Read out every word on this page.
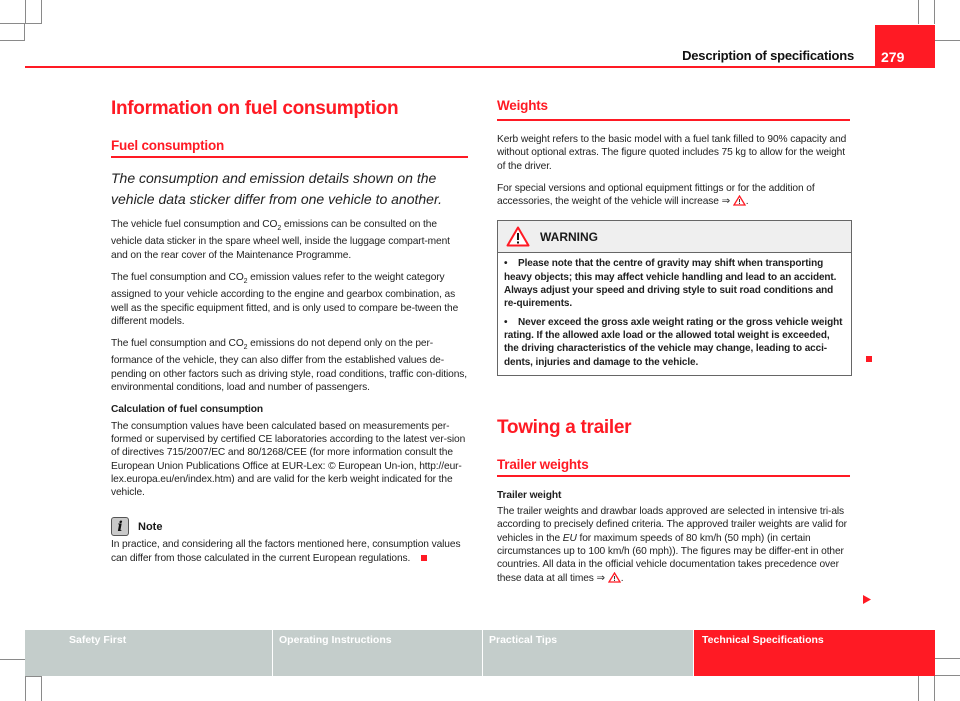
Description of specifications	279
Information on fuel consumption
Fuel consumption
The consumption and emission details shown on the vehicle data sticker differ from one vehicle to another.

The vehicle fuel consumption and $CO_2$ emissions can be consulted on the vehicle data sticker in the spare wheel well, inside the luggage compart-ment and on the rear cover of the Maintenance Programme.

The fuel consumption and $CO_2$ emission values refer to the weight category assigned to your vehicle according to the engine and gearbox combination, as well as the specific equipment fitted, and is only used to compare be-tween the different models.

The fuel consumption and $CO_2$ emissions do not depend only on the per-formance of the vehicle, they can also differ from the established values de-pending on other factors such as driving style, road conditions, traffic con-ditions, environmental conditions, load and number of passengers.

Calculation of fuel consumption

The consumption values have been calculated based on measurements per-formed or supervised by certified CE laboratories according to the latest ver-sion of directives 715/2007/EC and 80/1268/CEE (for more information consult the European Union Publications Office at EUR-Lex: © European Un-ion, http://eur-lex.europa.eu/en/index.htm) and are valid for the kerb weight indicated for the vehicle.

i	Note

In practice, and considering all the factors mentioned here, consumption values can differ from those calculated in the current European regulations.

Weights

Kerb weight refers to the basic model with a fuel tank filled to 90% capacity and without optional extras. The figure quoted includes 75 kg to allow for the weight of the driver.

For special versions and optional equipment fittings or for the addition of accessories, the weight of the vehicle will increase ⇒ .

WARNING

• Please note that the centre of gravity may shift when transporting heavy objects; this may affect vehicle handling and lead to an accident. Always adjust your speed and driving style to suit road conditions and re-quirements.

• Never exceed the gross axle weight rating or the gross vehicle weight rating. If the allowed axle load or the allowed total weight is exceeded, the driving characteristics of the vehicle may change, leading to acci-dents, injuries and damage to the vehicle.

Towing a trailer
Trailer weights

Trailer weight

The trailer weights and drawbar loads approved are selected in intensive tri-als according to precisely defined criteria. The approved trailer weights are valid for vehicles in the EU for maximum speeds of 80 km/h (50 mph) (in certain circumstances up to 100 km/h (60 mph)). The figures may be differ-ent in other countries. All data in the official vehicle documentation takes precedence over these data at all times ⇒ .

Safety First	Operating Instructions	Practical Tips	Technical Specifications
